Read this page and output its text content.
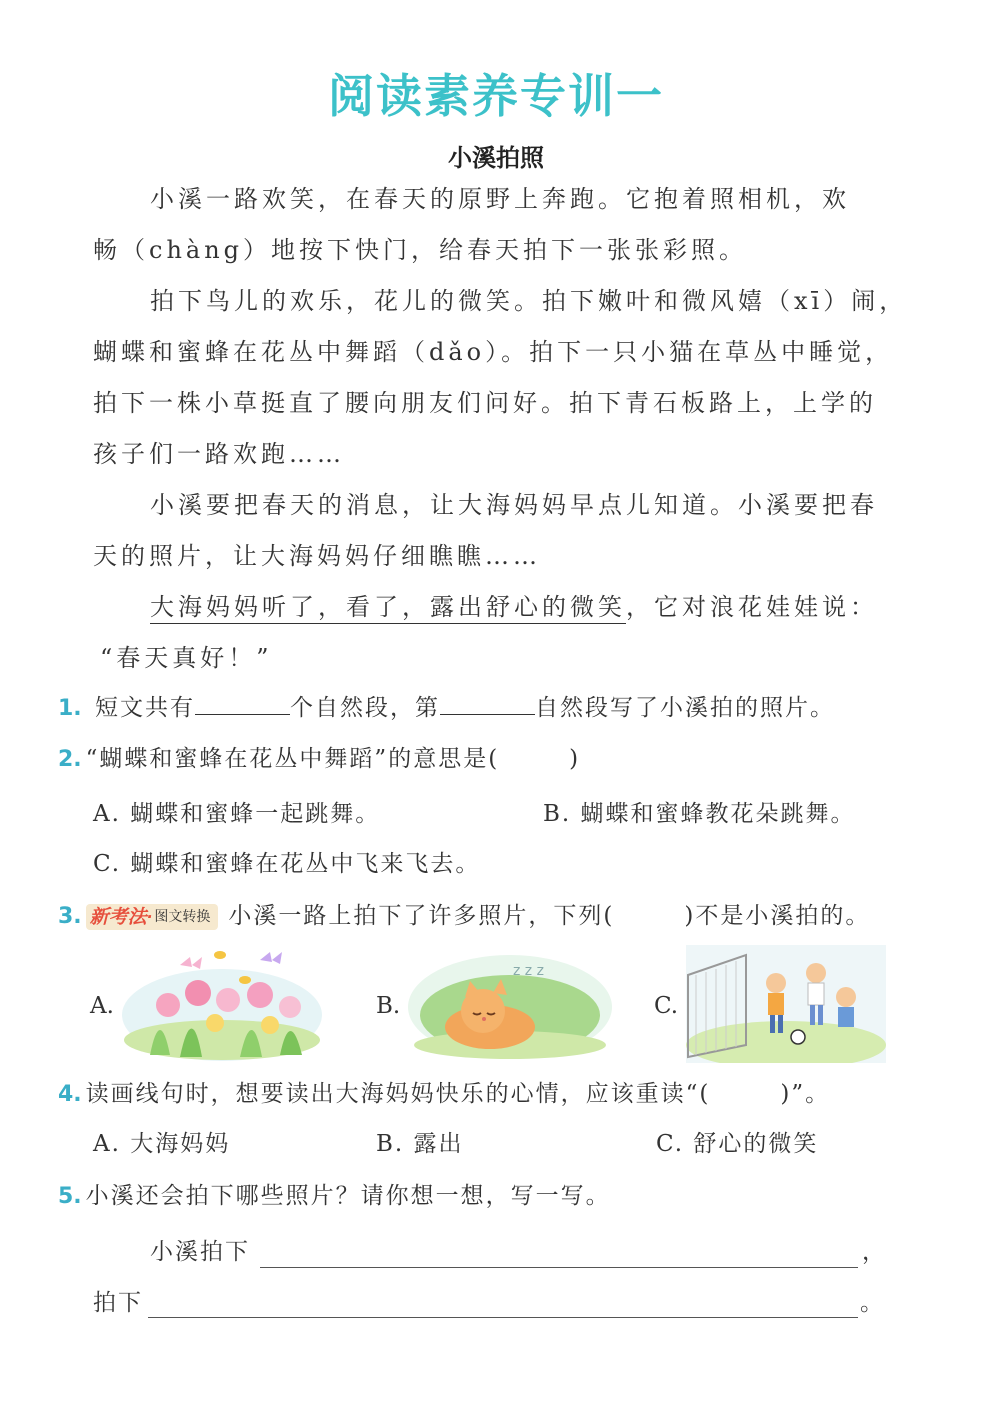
阅读素养专训一
小溪拍照
小溪一路欢笑，在春天的原野上奔跑。它抱着照相机，欢
畅（chàng）地按下快门，给春天拍下一张张彩照。
拍下鸟儿的欢乐，花儿的微笑。拍下嫩叶和微风嬉（xī）闹，
蝴蝶和蜜蜂在花丛中舞蹈（dǎo）。拍下一只小猫在草丛中睡觉，
拍下一株小草挺直了腰向朋友们问好。拍下青石板路上，上学的
孩子们一路欢跑……
小溪要把春天的消息，让大海妈妈早点儿知道。小溪要把春
天的照片，让大海妈妈仔细瞧瞧……
大海妈妈听了，看了，露出舒心的微笑，它对浪花娃娃说：
“春天真好！”
1. 短文共有	个自然段，第	自然段写了小溪拍的照片。
2. “蝴蝶和蜜蜂在花丛中舞蹈”的意思是(	)
A. 蝴蝶和蜜蜂一起跳舞。	B. 蝴蝶和蜜蜂教花朵跳舞。
C. 蝴蝶和蜜蜂在花丛中飞来飞去。
3. 新考法 · 图文转换 小溪一路上拍下了许多照片，下列(	)不是小溪拍的。
A.	B.	C.
z z z
4. 读画线句时，想要读出大海妈妈快乐的心情，应该重读“(	)”。
A. 大海妈妈	B. 露出	C. 舒心的微笑
5. 小溪还会拍下哪些照片？请你想一想，写一写。
小溪拍下	，
拍下	。
